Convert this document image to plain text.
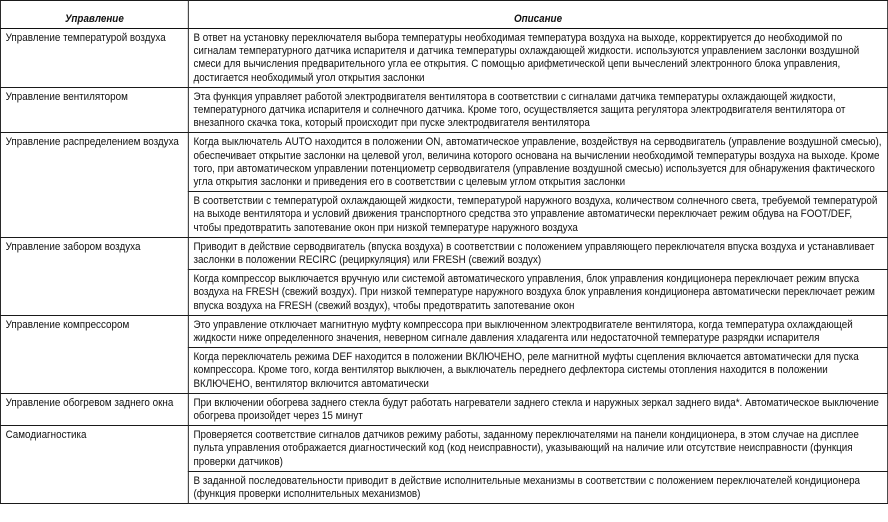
Управление	Описание
Управление температурой воздуха	В ответ на установку переключателя выбора температуры необходимая температура воздуха на выходе, корректируется до необходимой по сигналам температурного датчика испарителя и датчика температуры охлаждающей жидкости. используются управлением заслонки воздушной смеси для вычисления предварительного угла ее открытия. С помощью арифметической цепи вычеслений электронного блока управления, достигается необходимый угол открытия заслонки
Управление вентилятором	Эта функция управляет работой электродвигателя вентилятора в соответствии с сигналами датчика температуры охлаждающей жидкости, температурного датчика испарителя и солнечного датчика. Кроме того, осуществляется защита регулятора электродвигателя вентилятора от внезапного скачка тока, который происходит при пуске электродвигателя вентилятора
Управление распределением воздуха	Когда выключатель AUTO находится в положении ON, автоматическое управление, воздействуя на серводвигатель (управление воздушной смесью), обеспечивает открытие заслонки на целевой угол, величина которого основана на вычислении необходимой температуры воздуха на выходе. Кроме того, при автоматическом управлении потенциометр серводвигателя (управление воздушной смесью) используется для обнаружения фактического угла открытия заслонки и приведения его в соответствии с целевым углом открытия заслонки
	В соответствии с температурой охлаждающей жидкости, температурой наружного воздуха, количеством солнечного света, требуемой температурой на выходе вентилятора и условий движения транспортного средства это управление автоматически переключает режим обдува на FOOT/DEF, чтобы предотвратить запотевание окон при низкой температуре наружного воздуха
Управление забором воздуха	Приводит в действие серводвигатель (впуска воздуха) в соответствии с положением управляющего переключателя впуска воздуха и устанавливает заслонки в положении RECIRC (рециркуляция) или FRESH (свежий воздух)
	Когда компрессор выключается вручную или системой автоматического управления, блок управления кондиционера переключает режим впуска воздуха на FRESH (свежий воздух). При низкой температуре наружного воздуха блок управления кондиционера автоматически переключает режим впуска воздуха на FRESH (свежий воздух), чтобы предотвратить запотевание окон
Управление компрессором	Это управление отключает магнитную муфту компрессора при выключенном электродвигателе вентилятора, когда температура охлаждающей жидкости ниже определенного значения, неверном сигнале давления хладагента или недостаточной температуре разрядки испарителя
	Когда переключатель режима DEF находится в положении ВКЛЮЧЕНО, реле магнитной муфты сцепления включается автоматически для пуска компрессора. Кроме того, когда вентилятор выключен, а выключатель переднего дефлектора системы отопления находится в положении ВКЛЮЧЕНО, вентилятор включится автоматически
Управление обогревом заднего окна	При включении обогрева заднего стекла будут работать нагреватели заднего стекла и наружных зеркал заднего вида*. Автоматическое выключение обогрева произойдет через 15 минут
Самодиагностика	Проверяется соответствие сигналов датчиков режиму работы, заданному переключателями на панели кондиционера, в этом случае на дисплее пульта управления отображается диагностический код (код неисправности), указывающий на наличие или отсутствие неисправности (функция проверки датчиков)
	В заданной последовательности приводит в действие исполнительные механизмы в соответствии с положением переключателей кондиционера (функция проверки исполнительных механизмов)
